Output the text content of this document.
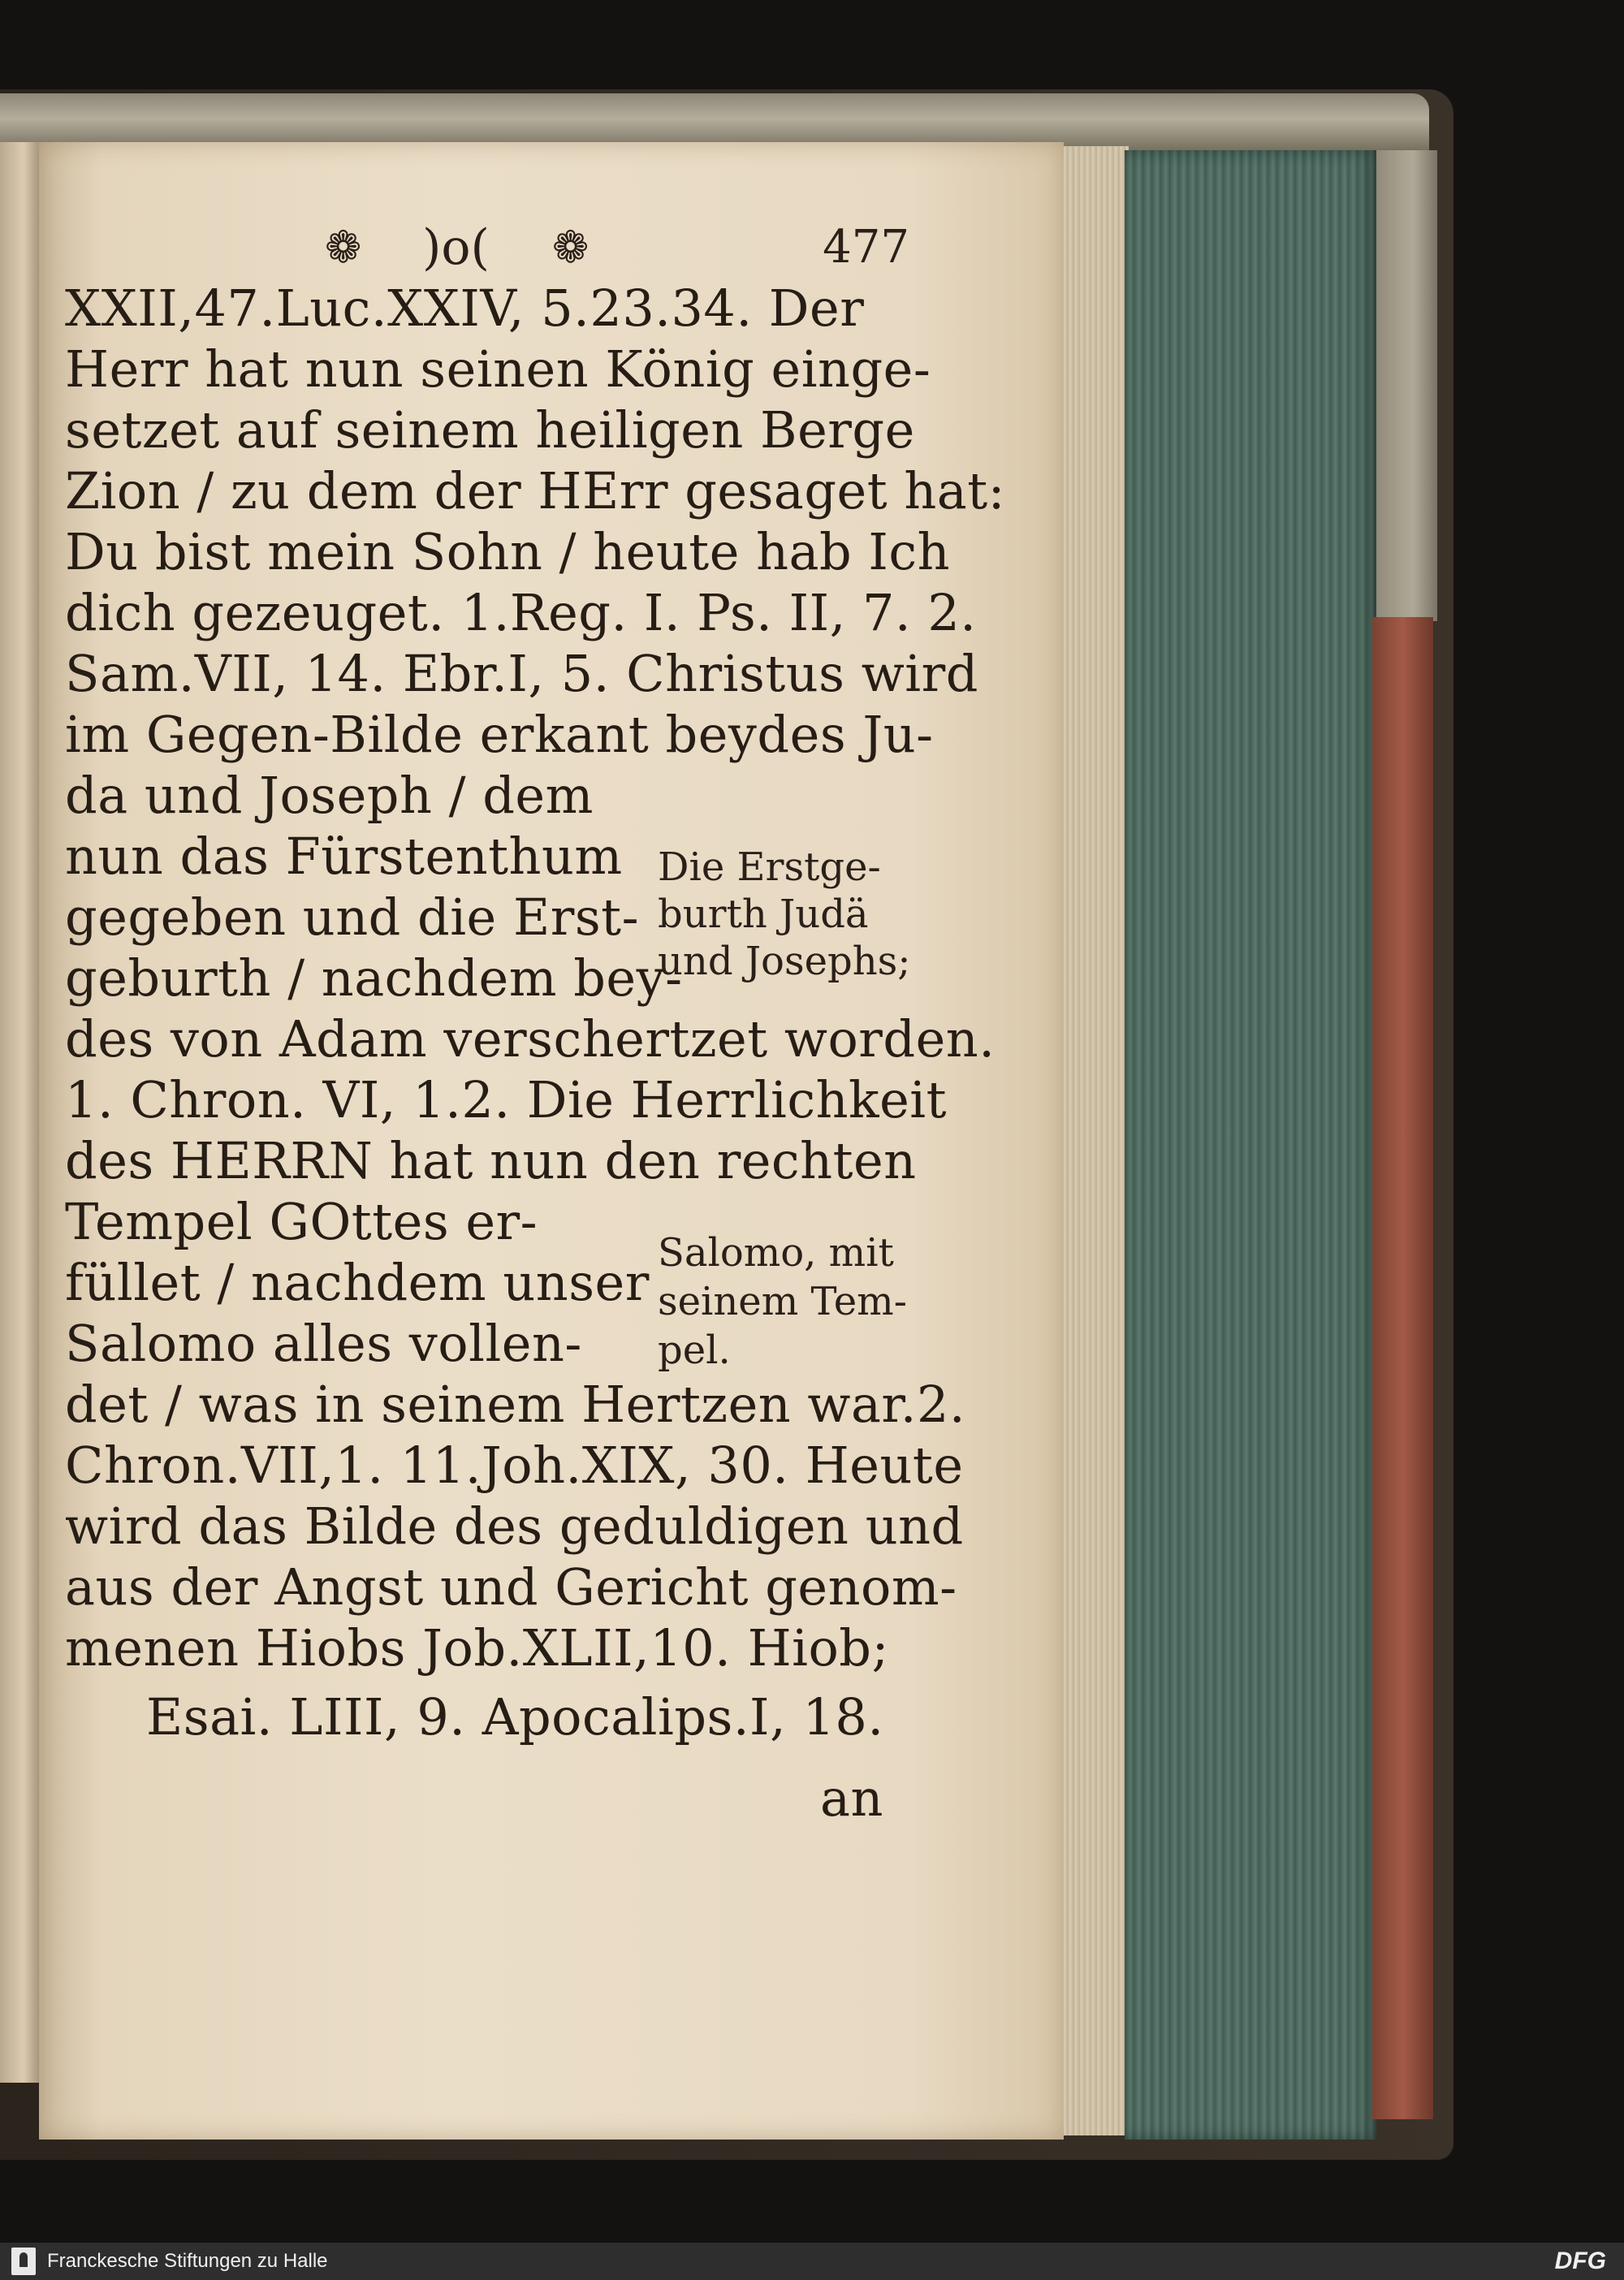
❁ )o( ❁	477
XXII,47.Luc.XXIV, 5.23.34. Der
Herr hat nun seinen König einge-
setzet auf seinem heiligen Berge
Zion / zu dem der HErr gesaget hat:
Du bist mein Sohn / heute hab Ich
dich gezeuget. 1.Reg. I. Ps. II, 7. 2.
Sam.VII, 14. Ebr.I, 5. Christus wird
im Gegen-Bilde erkant beydes Ju-
da und Joseph / dem
nun das Fürstenthum
gegeben und die Erst-
geburth / nachdem bey-
des von Adam verschertzet worden.
1. Chron. VI, 1.2. Die Herrlichkeit
des HERRN hat nun den rechten
Tempel GOttes er-
füllet / nachdem unser
Salomo alles vollen-
det / was in seinem Hertzen war.2.
Chron.VII,1. 11.Joh.XIX, 30. Heute
wird das Bilde des geduldigen und
aus der Angst und Gericht genom-
menen Hiobs Job.XLII,10. Hiob;
Esai. LIII, 9. Apocalips.I, 18.
an
Die Erstge-
burth Judä
und Josephs;
Salomo, mit
seinem Tem-
pel.
Franckesche Stiftungen zu Halle	DFG
